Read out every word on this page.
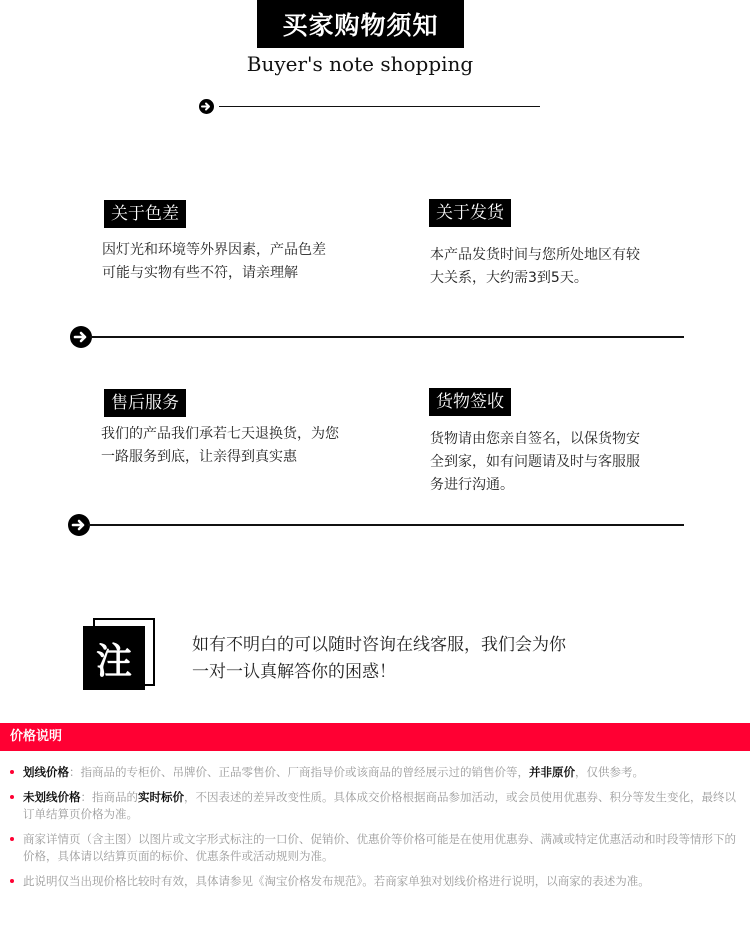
买家购物须知
Buyer's note shopping
关于色差
因灯光和环境等外界因素，产品色差
可能与实物有些不符，请亲理解
关于发货
本产品发货时间与您所处地区有较
大关系，大约需3到5天。
售后服务
我们的产品我们承若七天退换货，为您
一路服务到底，让亲得到真实惠
货物签收
货物请由您亲自签名，以保货物安
全到家，如有问题请及时与客服服
务进行沟通。
注	如有不明白的可以随时咨询在线客服，我们会为你
一对一认真解答你的困惑！
价格说明
划线价格：指商品的专柜价、吊牌价、正品零售价、厂商指导价或该商品的曾经展示过的销售价等，并非原价，仅供参考。
未划线价格：指商品的实时标价，不因表述的差异改变性质。具体成交价格根据商品参加活动，或会员使用优惠券、积分等发生变化，最终以订单结算页价格为准。
商家详情页（含主图）以图片或文字形式标注的一口价、促销价、优惠价等价格可能是在使用优惠券、满减或特定优惠活动和时段等情形下的价格，具体请以结算页面的标价、优惠条件或活动规则为准。
此说明仅当出现价格比较时有效，具体请参见《淘宝价格发布规范》。若商家单独对划线价格进行说明，以商家的表述为准。
